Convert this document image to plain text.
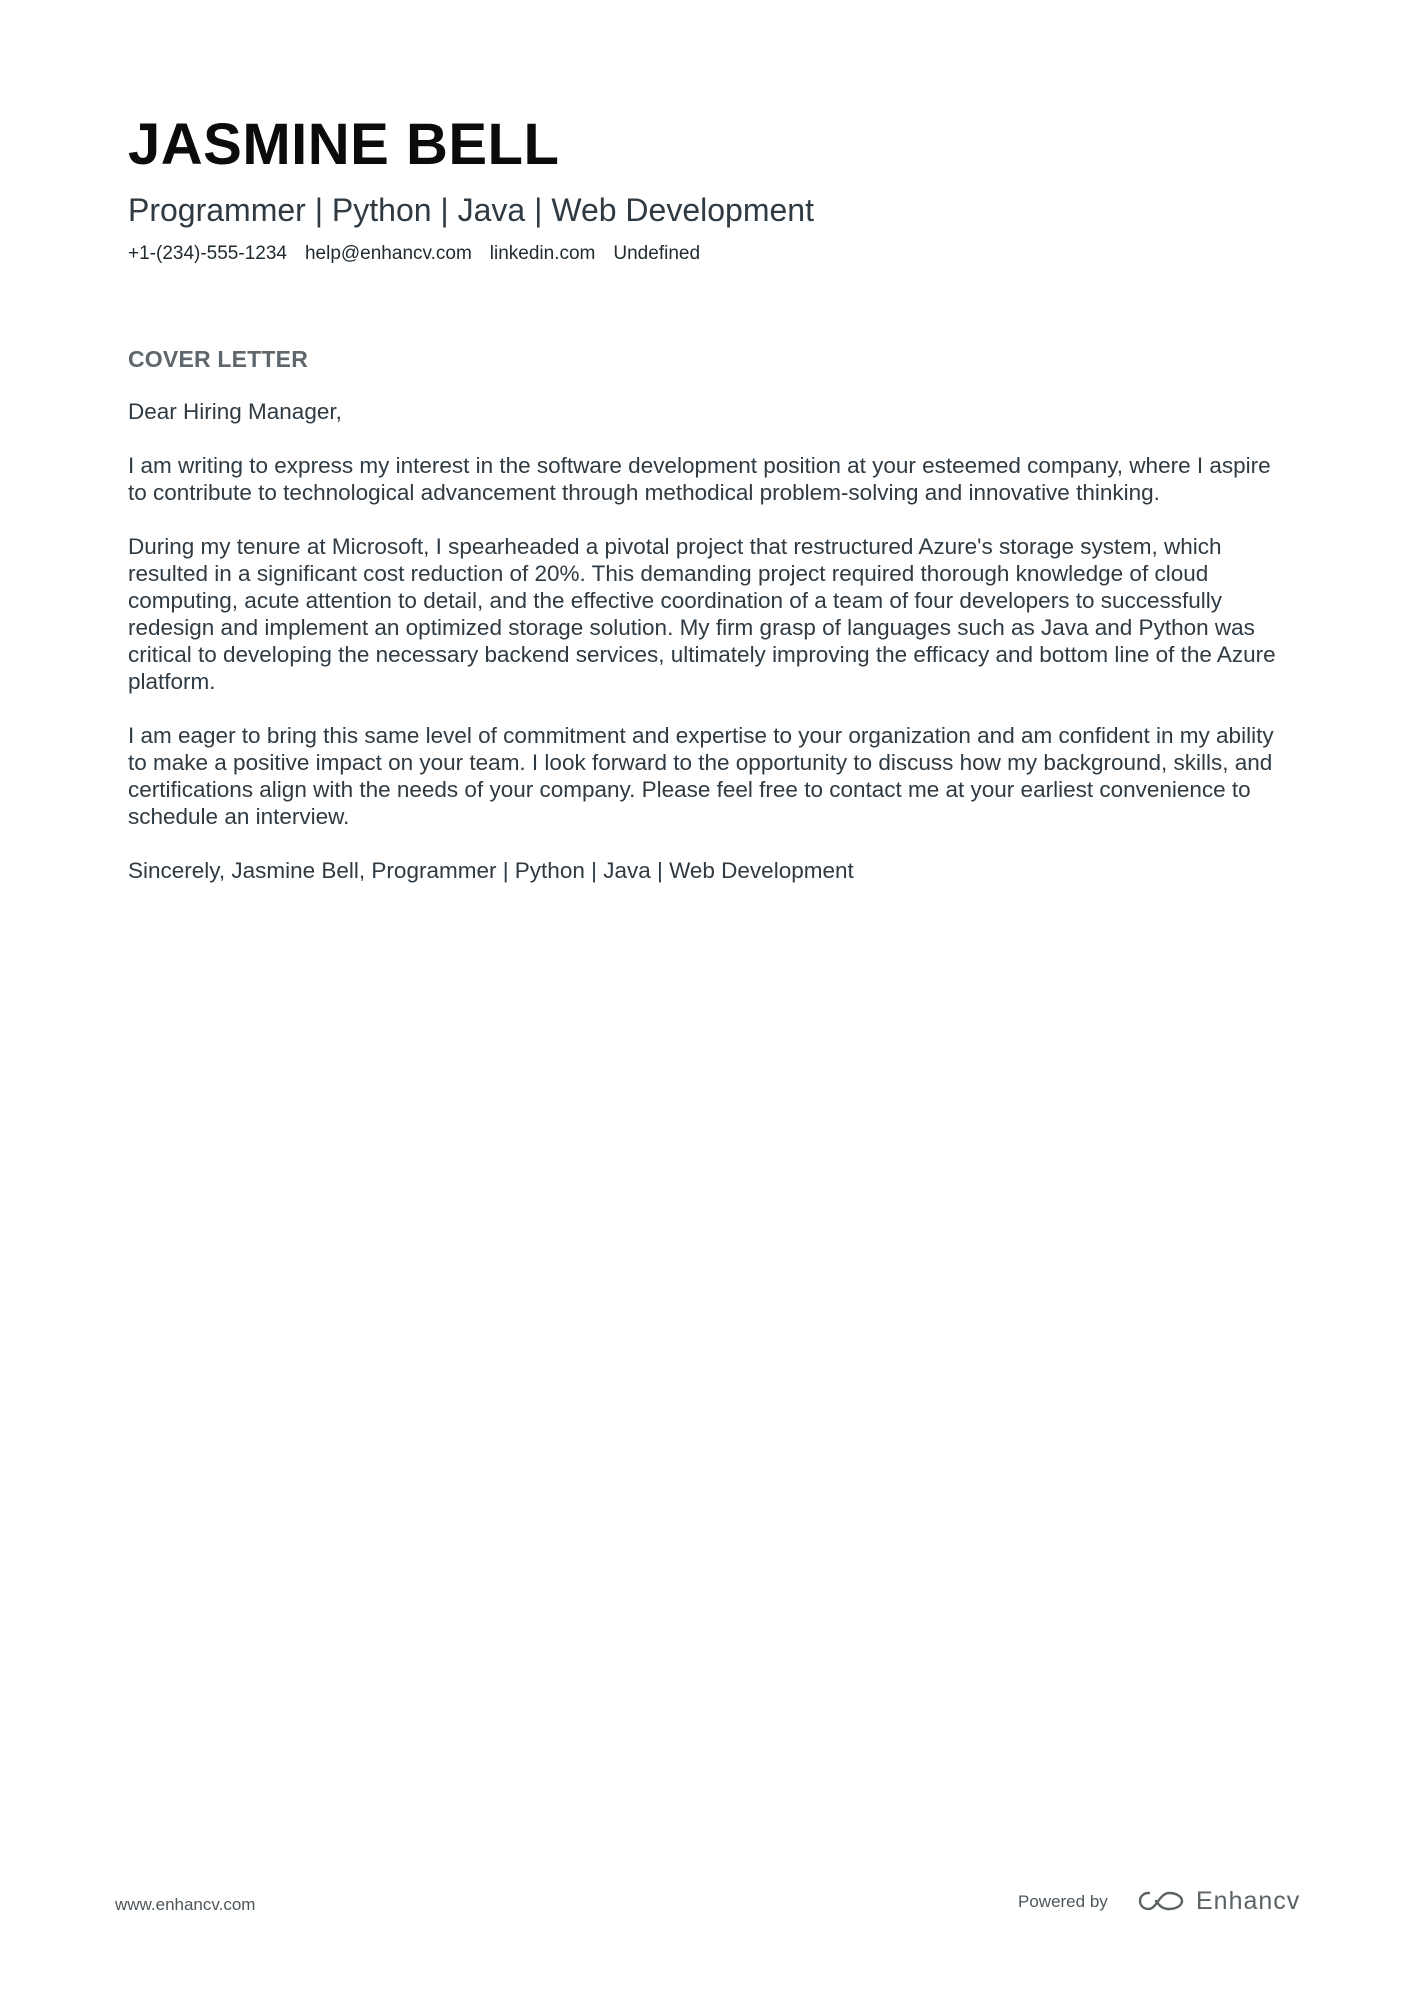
JASMINE BELL
Programmer | Python | Java | Web Development
+1-(234)-555-1234 help@enhancv.com linkedin.com Undefined
COVER LETTER

Dear Hiring Manager,

I am writing to express my interest in the software development position at your esteemed company, where I aspire to contribute to technological advancement through methodical problem-solving and innovative thinking.

During my tenure at Microsoft, I spearheaded a pivotal project that restructured Azure's storage system, which resulted in a significant cost reduction of 20%. This demanding project required thorough knowledge of cloud computing, acute attention to detail, and the effective coordination of a team of four developers to successfully redesign and implement an optimized storage solution. My firm grasp of languages such as Java and Python was critical to developing the necessary backend services, ultimately improving the efficacy and bottom line of the Azure platform.

I am eager to bring this same level of commitment and expertise to your organization and am confident in my ability to make a positive impact on your team. I look forward to the opportunity to discuss how my background, skills, and certifications align with the needs of your company. Please feel free to contact me at your earliest convenience to schedule an interview.

Sincerely, Jasmine Bell, Programmer | Python | Java | Web Development

www.enhancv.com	Powered by	Enhancv
